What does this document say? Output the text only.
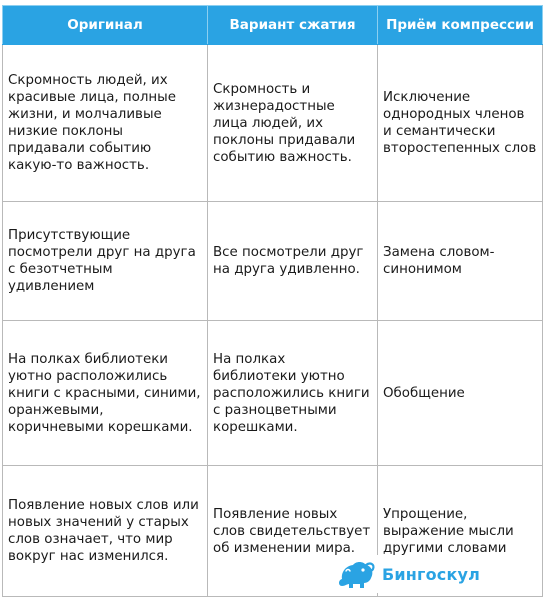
Оригинал	Вариант сжатия	Приём компрессии
Скромность людей, их красивые лица, полные жизни, и молчаливые низкие поклоны придавали событию какую-то важность.	Скромность и жизнерадостные лица людей, их поклоны придавали событию важность.	Исключение однородных членов и семантически второстепенных слов
Присутствующие посмотрели друг на друга с безотчетным удивлением	Все посмотрели друг на друга удивленно.	Замена словом-синонимом
На полках библиотеки уютно расположились книги с красными, синими, оранжевыми, коричневыми корешками.	На полках библиотеки уютно расположились книги с разноцветными корешками.	Обобщение
Появление новых слов или новых значений у старых слов означает, что мир вокруг нас изменился.	Появление новых слов свидетельствует об изменении мира.	Упрощение, выражение мысли другими словами
Бингоскул
